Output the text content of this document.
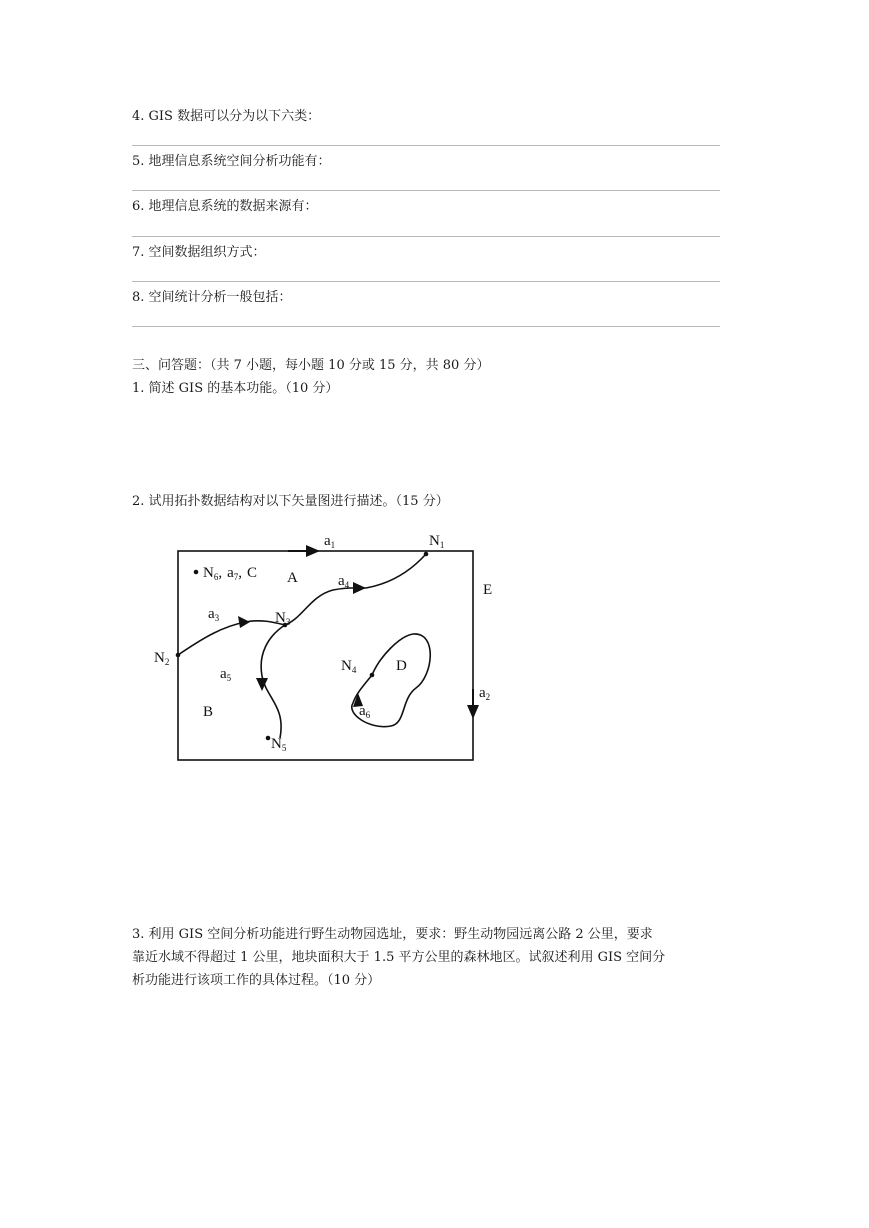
4. GIS 数据可以分为以下六类：
5. 地理信息系统空间分析功能有：
6. 地理信息系统的数据来源有：
7. 空间数据组织方式：
8. 空间统计分析一般包括：
三、问答题：（共 7 小题，每小题 10 分或 15 分，共 80 分）
1. 简述 GIS 的基本功能。（10 分）
2. 试用拓扑数据结构对以下矢量图进行描述。（15 分）
$N_1$
$N_2$
$N_3$
$N_4$
$N_5$
$a_1$
$a_2$
$a_3$
$a_4$
$a_5$
$a_6$
A
B
D
E
$N_6$, $a_7$, C
3. 利用 GIS 空间分析功能进行野生动物园选址，要求：野生动物园远离公路 2 公里，要求
靠近水域不得超过 1 公里，地块面积大于 1.5 平方公里的森林地区。试叙述利用 GIS 空间分
析功能进行该项工作的具体过程。（10 分）
